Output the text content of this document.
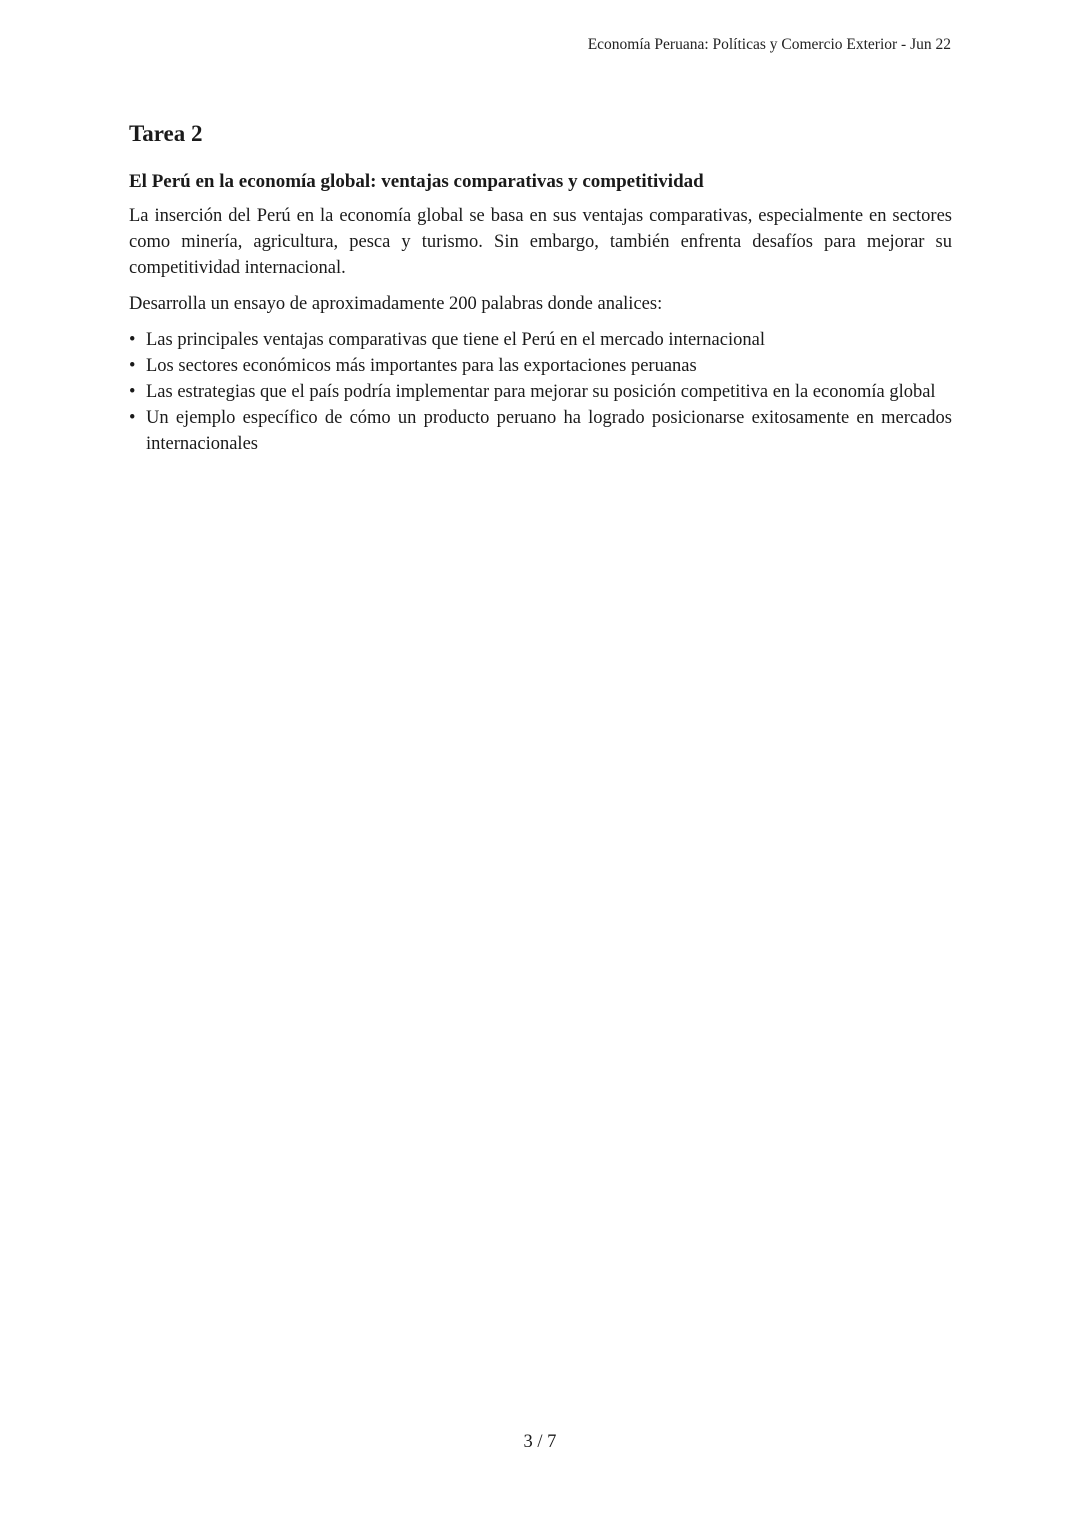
Economía Peruana: Políticas y Comercio Exterior - Jun 22
Tarea 2
El Perú en la economía global: ventajas comparativas y competitividad

La inserción del Perú en la economía global se basa en sus ventajas comparativas, especialmente en sectores como minería, agricultura, pesca y turismo. Sin embargo, también enfrenta desafíos para mejorar su competitividad internacional.

Desarrolla un ensayo de aproximadamente 200 palabras donde analices:

• Las principales ventajas comparativas que tiene el Perú en el mercado internacional
• Los sectores económicos más importantes para las exportaciones peruanas
• Las estrategias que el país podría implementar para mejorar su posición competitiva en la economía global
• Un ejemplo específico de cómo un producto peruano ha logrado posicionarse exitosamente en mercados internacionales
3 / 7
